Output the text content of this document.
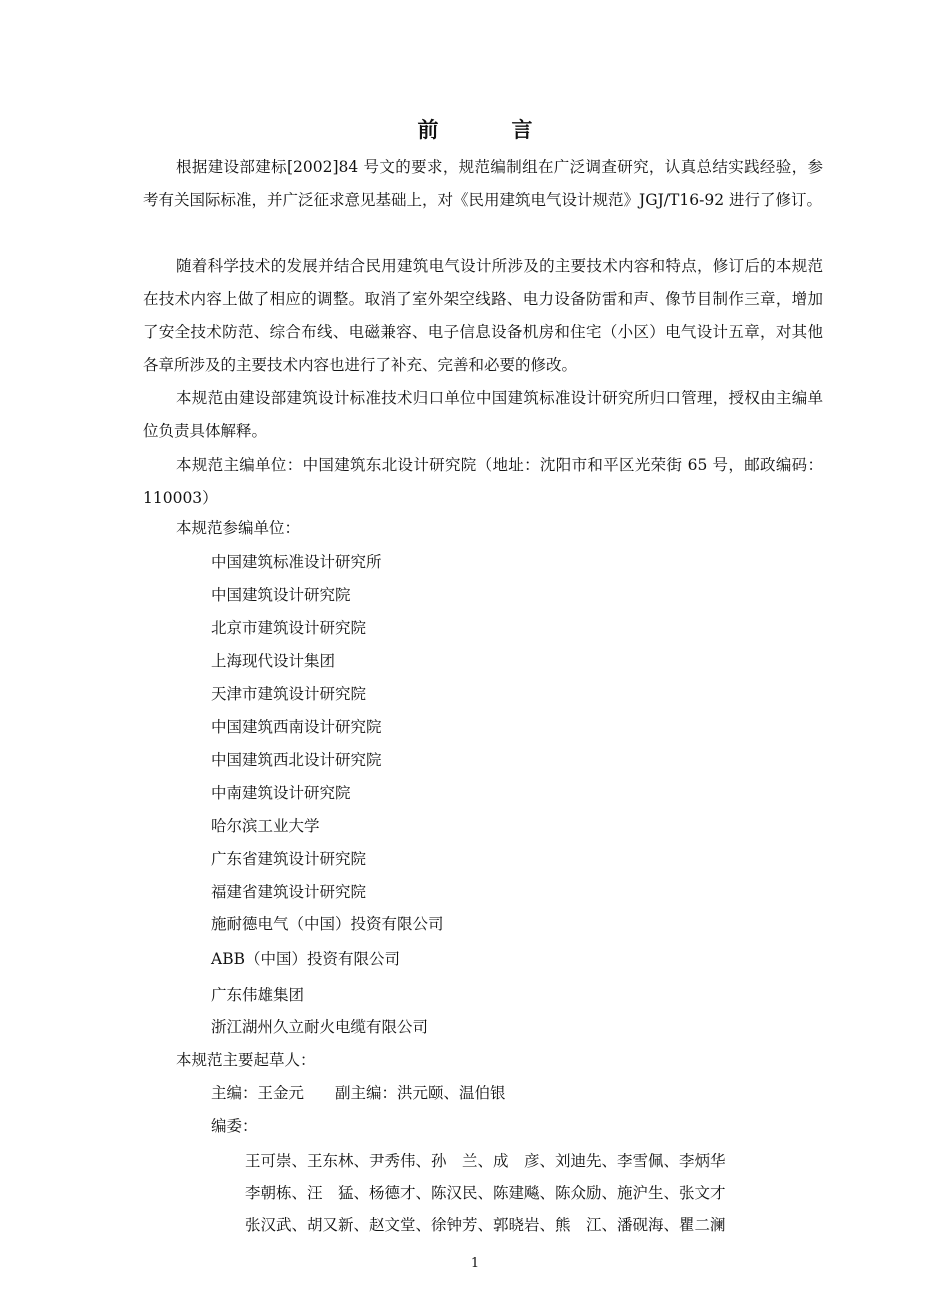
前　言

根据建设部建标[2002]84 号文的要求，规范编制组在广泛调查研究，认真总结实践经验，参考有关国际标准，并广泛征求意见基础上，对《民用建筑电气设计规范》JGJ/T16-92 进行了修订。

随着科学技术的发展并结合民用建筑电气设计所涉及的主要技术内容和特点，修订后的本规范在技术内容上做了相应的调整。取消了室外架空线路、电力设备防雷和声、像节目制作三章，增加了安全技术防范、综合布线、电磁兼容、电子信息设备机房和住宅（小区）电气设计五章，对其他各章所涉及的主要技术内容也进行了补充、完善和必要的修改。

本规范由建设部建筑设计标准技术归口单位中国建筑标准设计研究所归口管理，授权由主编单位负责具体解释。

本规范主编单位：中国建筑东北设计研究院（地址：沈阳市和平区光荣街 65 号，邮政编码：110003）

本规范参编单位：
中国建筑标准设计研究所
中国建筑设计研究院
北京市建筑设计研究院
上海现代设计集团
天津市建筑设计研究院
中国建筑西南设计研究院
中国建筑西北设计研究院
中南建筑设计研究院
哈尔滨工业大学
广东省建筑设计研究院
福建省建筑设计研究院
施耐德电气（中国）投资有限公司
ABB（中国）投资有限公司
广东伟雄集团
浙江湖州久立耐火电缆有限公司
本规范主要起草人：
主编：王金元　　副主编：洪元颐、温伯银
编委：
王可崇、王东林、尹秀伟、孙　兰、成　彦、刘迪先、李雪佩、李炳华
李朝栋、汪　猛、杨德才、陈汉民、陈建飚、陈众励、施沪生、张文才
张汉武、胡又新、赵文堂、徐钟芳、郭晓岩、熊　江、潘砚海、瞿二澜
1
